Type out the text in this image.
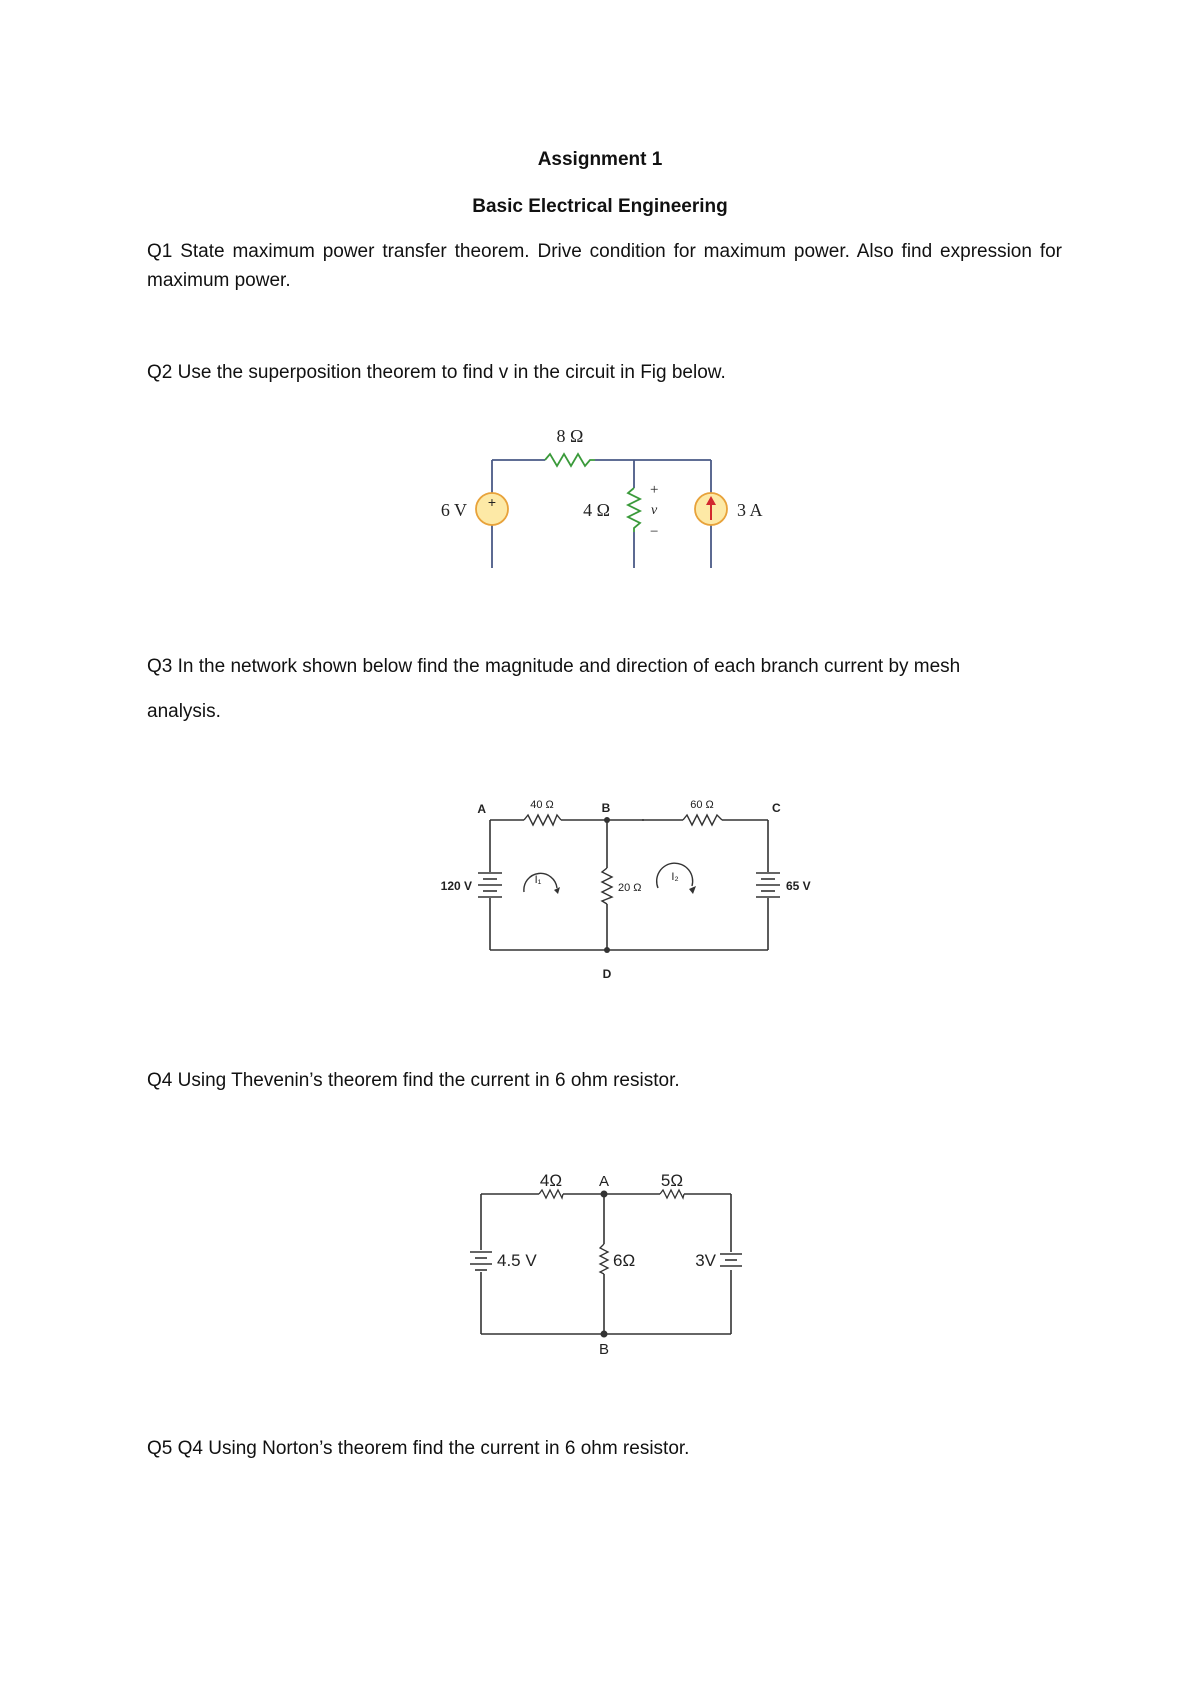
Assignment 1
Basic Electrical Engineering
Q1 State maximum power transfer theorem. Drive condition for maximum power. Also find expression for maximum power.
Q2 Use the superposition theorem to find v in the circuit in Fig below.
+
8 Ω
4 Ω
6 V	3 A
+
v
−
Q3 In the network shown below find the magnitude and direction of each branch current by mesh
analysis.
A	B	C
D
40 Ω	60 Ω
20 Ω
120 V	65 V
I₁	I₂
Q4 Using Thevenin’s theorem find the current in 6 ohm resistor.
4Ω	5Ω
6Ω
A
B
4.5 V	3V
Q5 Q4 Using Norton’s theorem find the current in 6 ohm resistor.
